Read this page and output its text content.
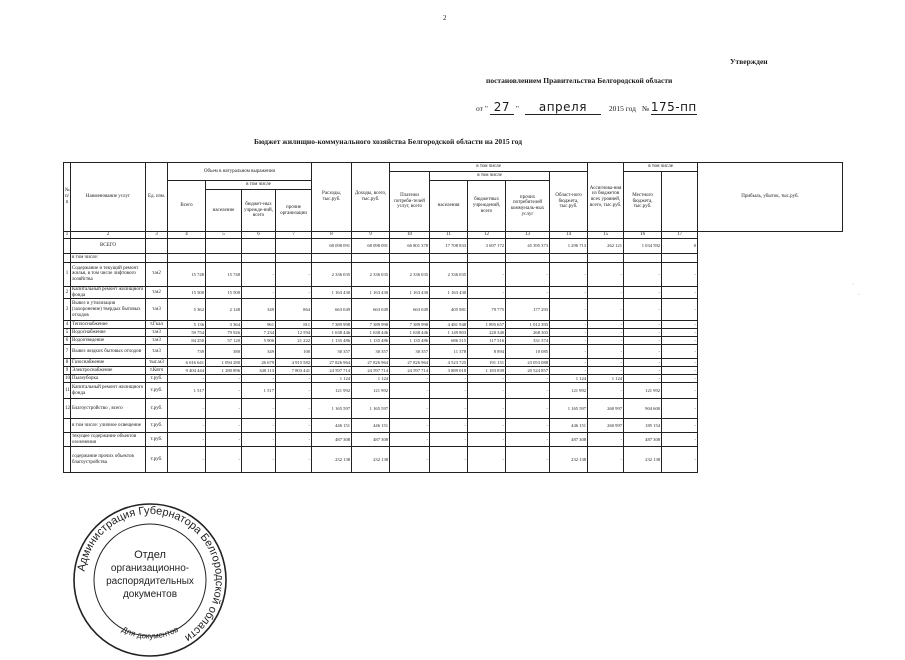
2
Утвержден
постановлением Правительства Белгородской области
от " 27 " апреля	2015 год № 175-пп
Бюджет жилищно-коммунального хозяйства Белгородской области на 2015 год
№ п/п	Наименование услуг	Ед. изм.	Объем в натуральном выражении				Расходы, тыс.руб.	Доходы, всего, тыс.руб.	в том числе					Ассигнова-ния из бюджетов всех уровней, всего, тыс.руб.	в том числе		Прибыль, убыток, тыс.руб.
									Платежи потреби-телей услуг, всего	в том числе			Област-ного бюджета, тыс.руб.		Местного бюджета, тыс.руб.		
			Всего	в том числе						населения	бюджетных учреждений, всего	прочих потребителей коммуналь-ных услуг					
				население	бюджет-ных учрежде-ний, всего	прочие организации											
1	2	3	4	5	6	7	8	9	10	11	12	13	14	15	16	17	
	ВСЕГО						68 098 091	68 098 091	66 801 378	17 708 833	3 697 172	45 395 373	1 296 713	262 121	1 034 592	0	
	в том числе:																
1	Содержание и текущий ремонт жилья, в том числе лифтового хозяйства	т.м2	15 748	15 748	-	-	2 336 035	2 336 035	2 336 035	2 336 035	-	-	-	-	-	-	
2	Капитальный ремонт жилищного фонда	т.м2	15 500	15 500	-	-	1 163 430	1 163 430	1 163 430	1 163 430	-	-	-	-	-	-	
3	Вывоз и утилизация (захоронение) твердых бытовых отходов	т.м3	5 362	2 148	349	864	663 049	663 049	663 049	405 981	79 775	177 293	-	-	-	-	
4	Теплоснабжение	т.Гкал	5 136	3 364	961	811	7 389 998	7 389 998	7 389 998	4 481 948	1 895 657	1 012 393	-	-	-	-	
5	Водоснабжение	т.м3	59 754	79 926	7 234	12 594	1 638 446	1 638 446	1 638 446	1 149 803	220 340	268 303	-	-	-	-	
6	Водоотведение	т.м3	84 250	57 120	5 906	21 222	1 135 486	1 135 486	1 135 486	686 515	117 516	331 374	-	-	-	-	
7	Вывоз жидких бытовых отходов	т.м3	739	380	349	100	30 357	30 357	30 357	11 378	8 894	10 085	-	-	-	-	
8	Газоснабжение	тыс.м3	6 016 641	1 094 280	26 679	4 915 582	27 826 964	27 826 964	27 826 964	4 523 725	191 151	23 053 088	-	-	-	-	
9	Электроснабжение	т.Квтч	9 404 444	1 280 896	340 113	7 803 441	24 597 714	24 597 714	24 597 714	3 889 018	1 183 839	20 524 857	-	-	-	-	
10	Пылеуборка	т.руб.	-	-	-	-	1 124	1 124	-	-	-	-	1 124	1 124	-	-	
11	Капитальный ремонт жилищного фонда	т.руб.	1 517	-	1 517	-	121 992	121 992	-	-	-	-	121 992	-	121 992	-	
12	Благоустройство , всего	т.руб.	-	-	-	-	1 165 597	1 165 597	-	-	-	-	1 165 597	260 997	904 600	-	
	в том числе: уличное освещение	т.руб.	-	-	-	-	446 151	446 151	-	-	-	-	446 151	260 997	185 154	-	
	текущее содержание объектов озеленения	т.руб.	-	-	-	-	487 308	487 308	-	-	-	-	487 308	-	487 308	-	
	содержание прочих объектов благоустройства	т.руб.	-	-	-	-	232 138	232 138	-	-	-	-	232 138	-	232 138	-	
Администрация Губернатора Белгородской области
Отдел
организационно-
распорядительных
документов
Для документов
·
·
